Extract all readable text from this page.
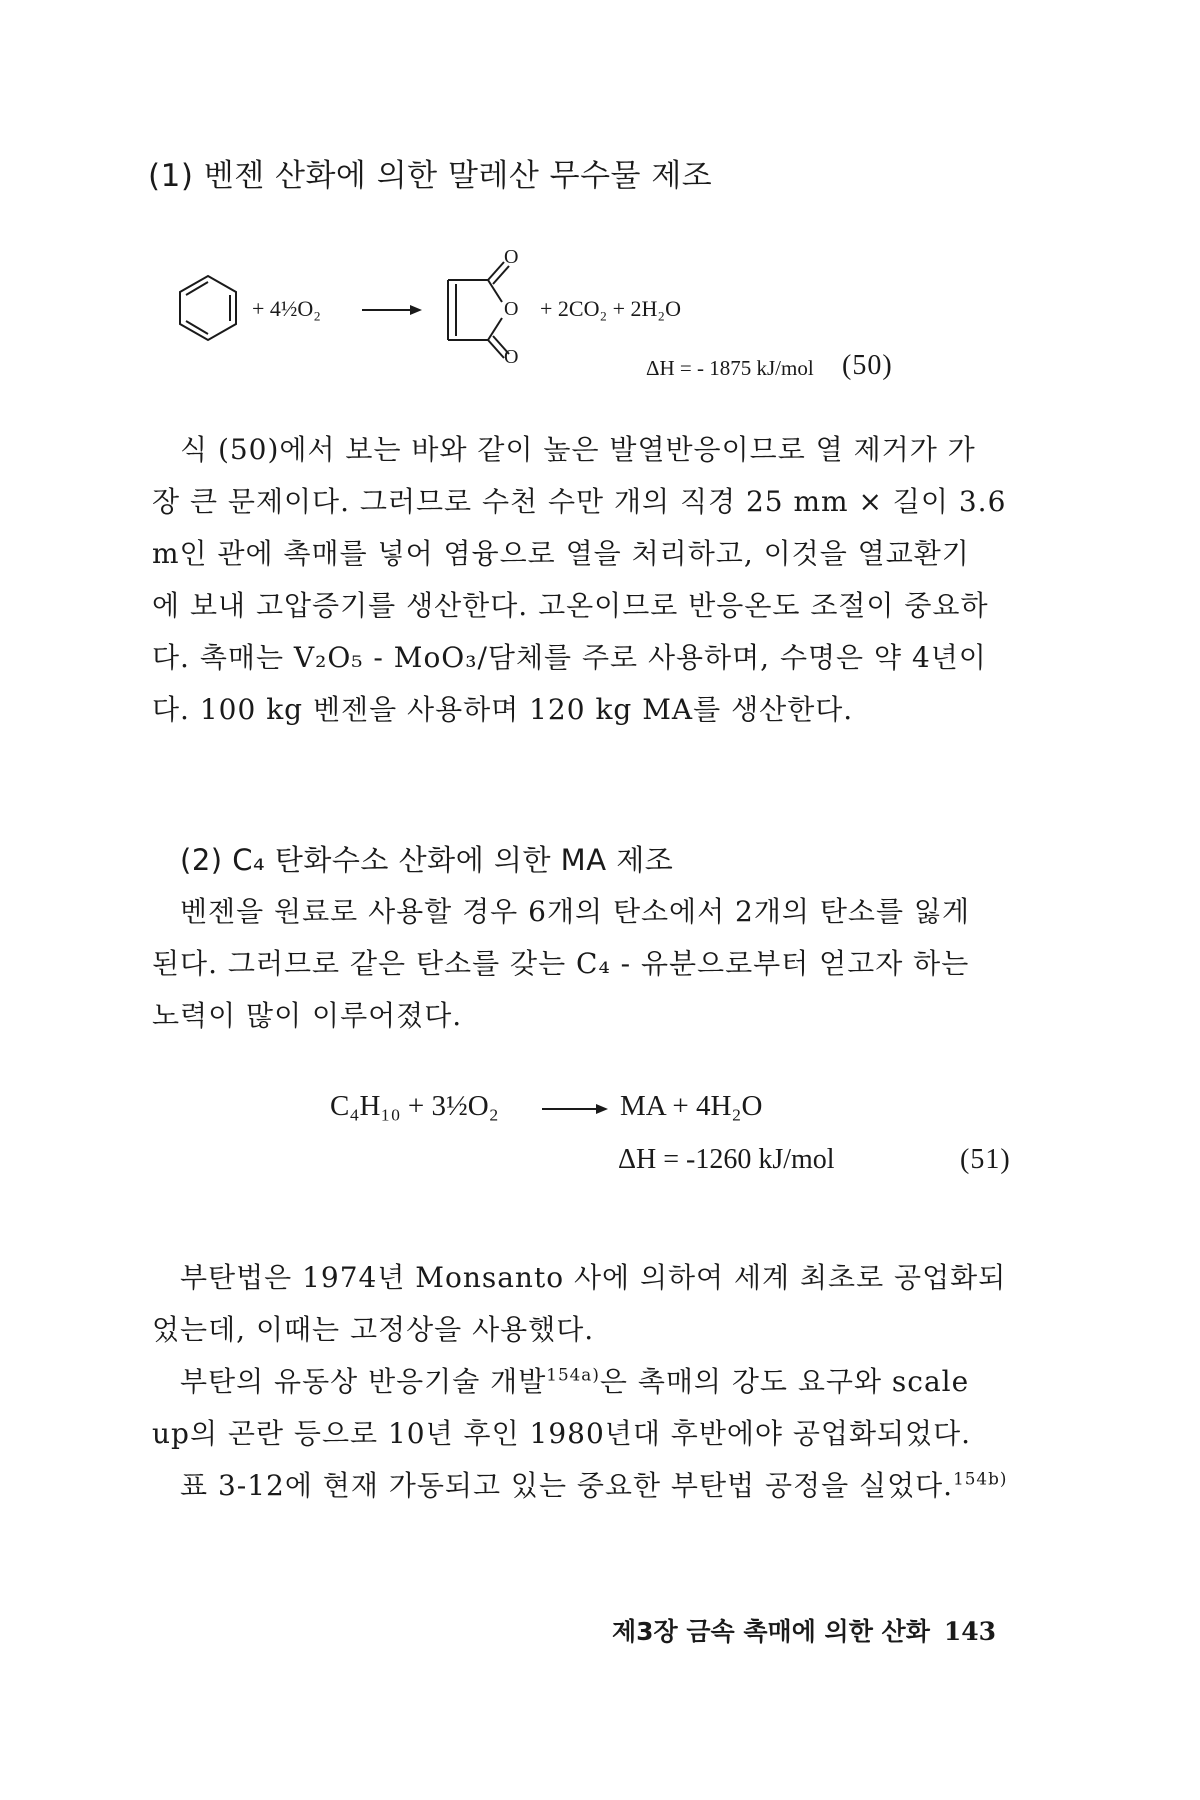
(1) 벤젠 산화에 의한 말레산 무수물 제조
O
O
O
+ 4½O₂	+ 2CO₂ + 2H₂O
ΔH = - 1875 kJ/mol (50)

식 (50)에서 보는 바와 같이 높은 발열반응이므로 열 제거가 가

장 큰 문제이다. 그러므로 수천 수만 개의 직경 25 mm × 길이 3.6

m인 관에 촉매를 넣어 염융으로 열을 처리하고, 이것을 열교환기

에 보내 고압증기를 생산한다. 고온이므로 반응온도 조절이 중요하

다. 촉매는 V₂O₅ - MoO₃/담체를 주로 사용하며, 수명은 약 4년이

다. 100 kg 벤젠을 사용하며 120 kg MA를 생산한다.

(2) C₄ 탄화수소 산화에 의한 MA 제조

벤젠을 원료로 사용할 경우 6개의 탄소에서 2개의 탄소를 잃게

된다. 그러므로 같은 탄소를 갖는 C₄ - 유분으로부터 얻고자 하는

노력이 많이 이루어졌다.

C₄H₁₀ + 3½O₂	MA + 4H₂O
ΔH = -1260 kJ/mol	(51)

부탄법은 1974년 Monsanto 사에 의하여 세계 최초로 공업화되

었는데, 이때는 고정상을 사용했다.

부탄의 유동상 반응기술 개발$^{154a)}$은 촉매의 강도 요구와 scale

up의 곤란 등으로 10년 후인 1980년대 후반에야 공업화되었다.

표 3-12에 현재 가동되고 있는 중요한 부탄법 공정을 실었다.$^{154b)}$

제3장 금속 촉매에 의한 산화 143
